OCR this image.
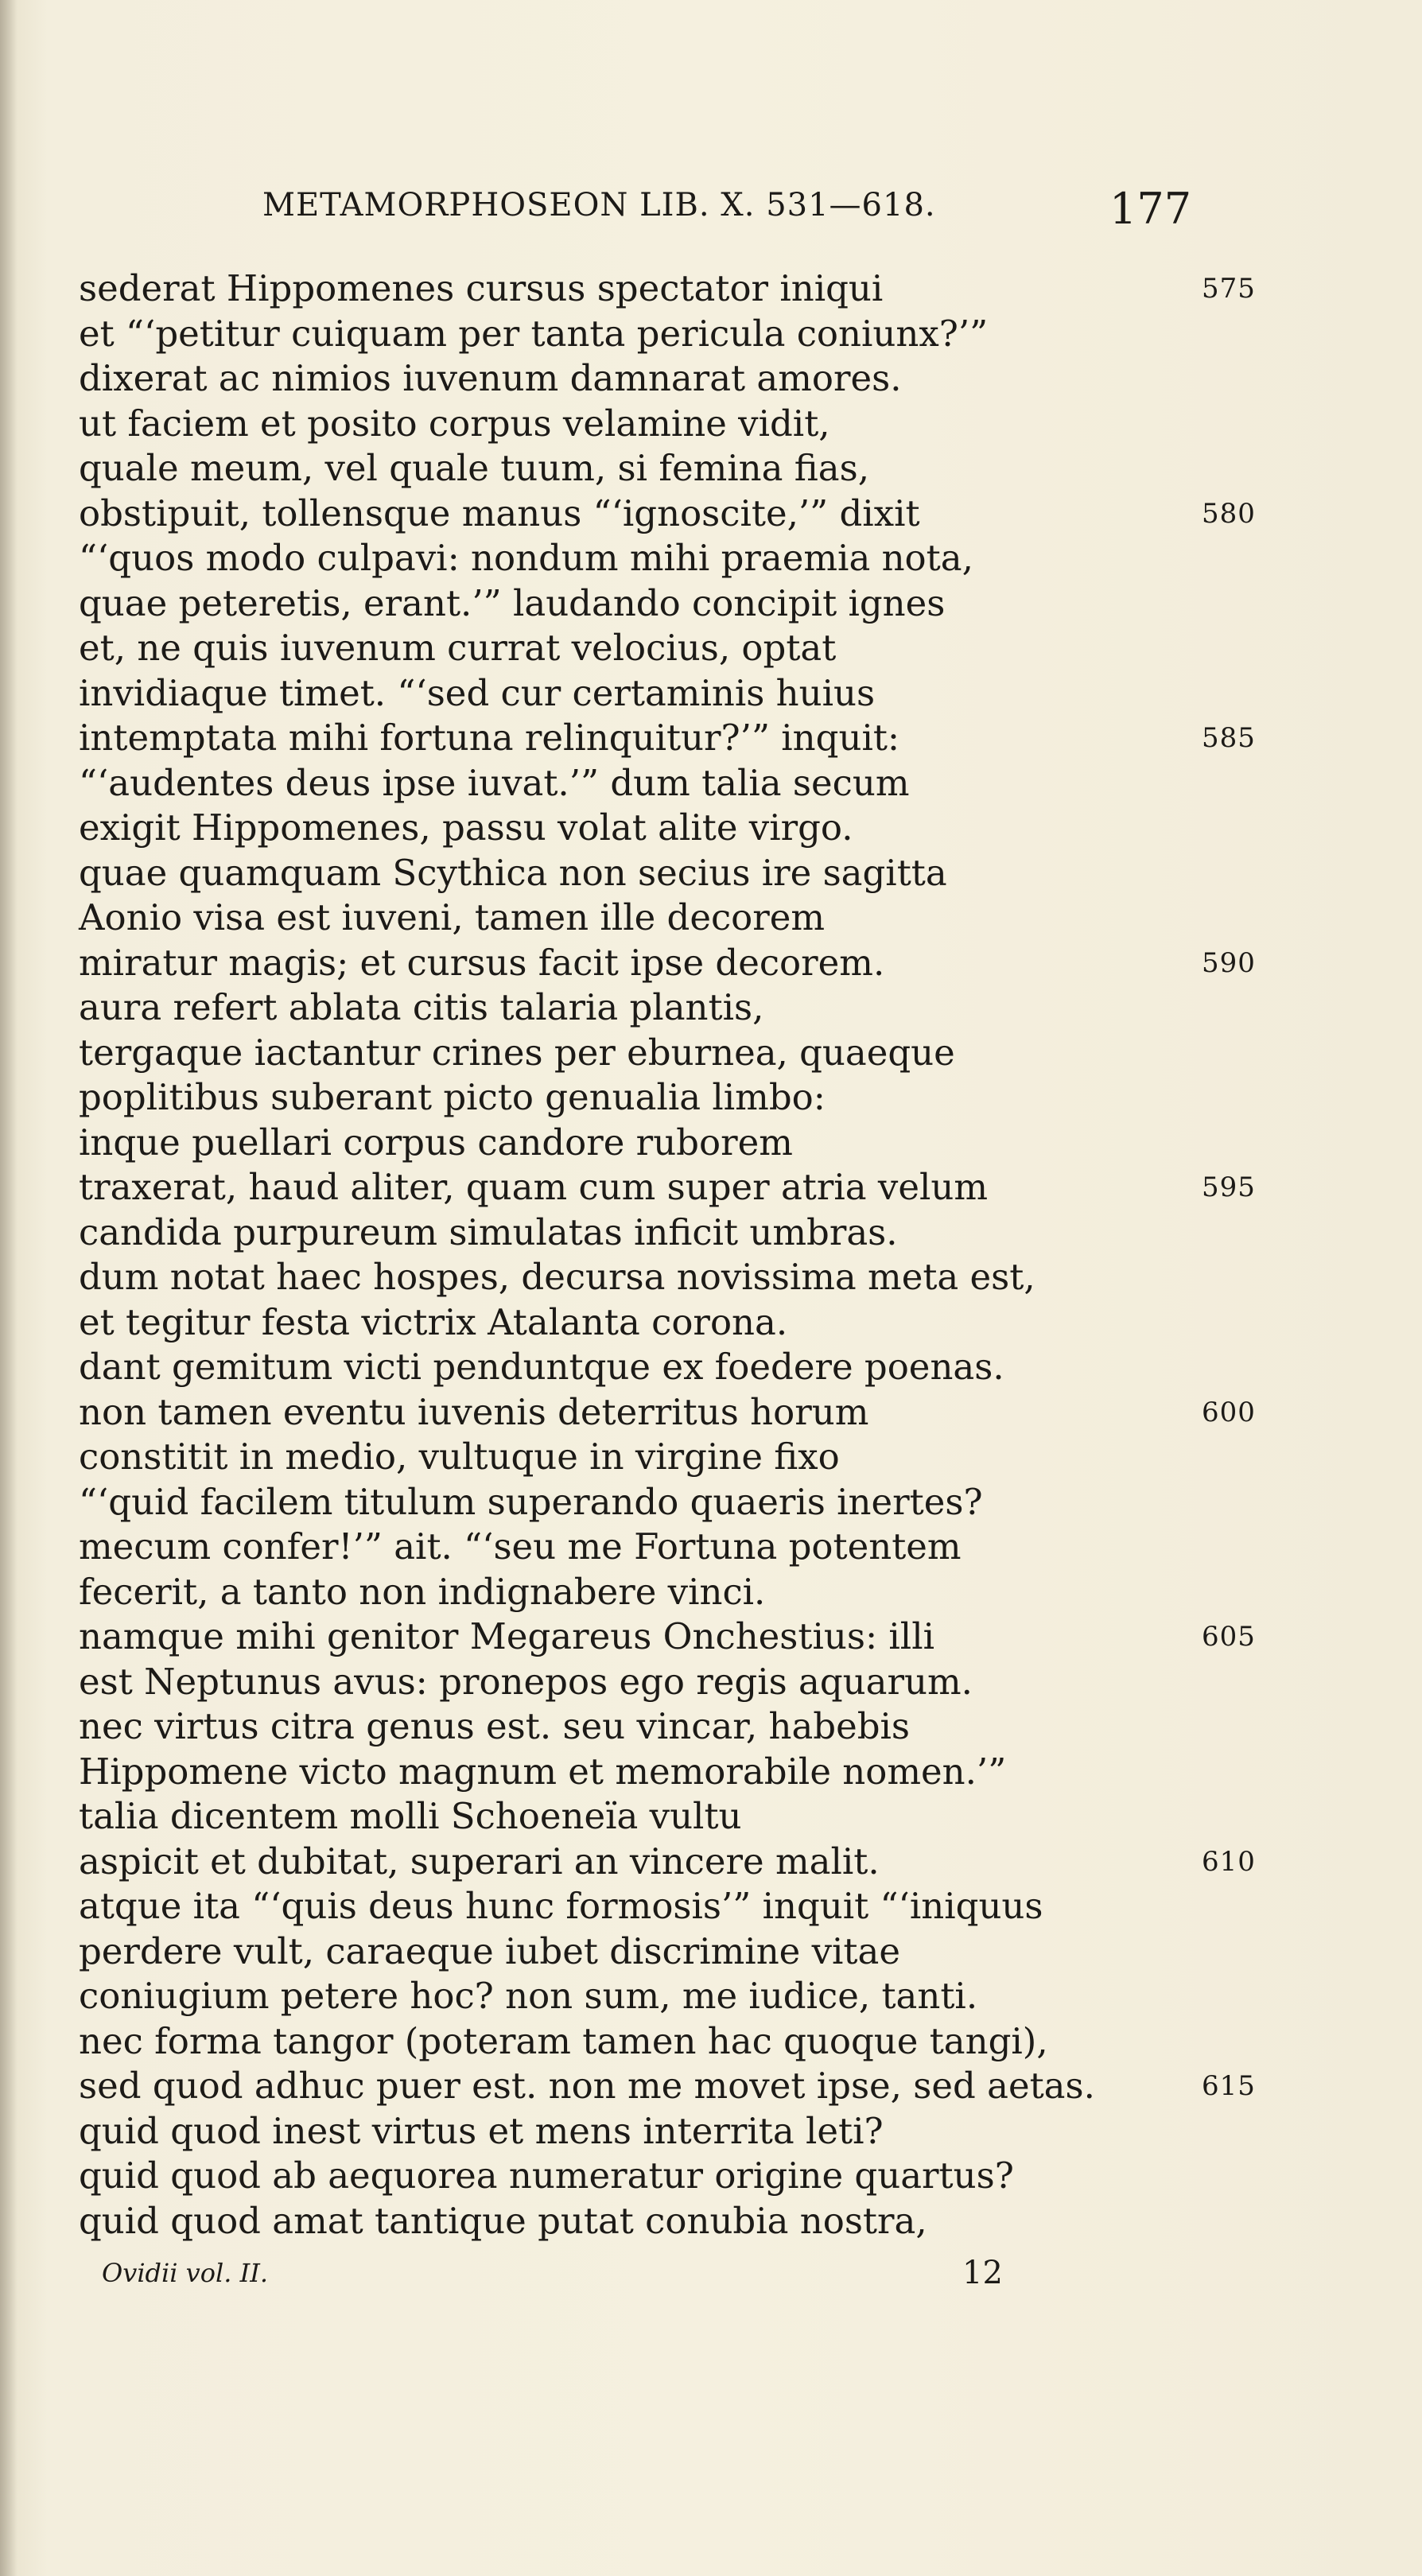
METAMORPHOSEON LIB. X. 531—618.	177
sederat Hippomenes cursus spectator iniqui	575
et “‘petitur cuiquam per tanta pericula coniunx?’”
dixerat ac nimios iuvenum damnarat amores.
ut faciem et posito corpus velamine vidit,
quale meum, vel quale tuum, si femina fias,
obstipuit, tollensque manus “‘ignoscite,’” dixit	580
“‘quos modo culpavi: nondum mihi praemia nota,
quae peteretis, erant.’” laudando concipit ignes
et, ne quis iuvenum currat velocius, optat
invidiaque timet. “‘sed cur certaminis huius
intemptata mihi fortuna relinquitur?’” inquit:	585
“‘audentes deus ipse iuvat.’” dum talia secum
exigit Hippomenes, passu volat alite virgo.
quae quamquam Scythica non secius ire sagitta
Aonio visa est iuveni, tamen ille decorem
miratur magis; et cursus facit ipse decorem.	590
aura refert ablata citis talaria plantis,
tergaque iactantur crines per eburnea, quaeque
poplitibus suberant picto genualia limbo:
inque puellari corpus candore ruborem
traxerat, haud aliter, quam cum super atria velum	595
candida purpureum simulatas inficit umbras.
dum notat haec hospes, decursa novissima meta est,
et tegitur festa victrix Atalanta corona.
dant gemitum victi penduntque ex foedere poenas.
non tamen eventu iuvenis deterritus horum	600
constitit in medio, vultuque in virgine fixo
“‘quid facilem titulum superando quaeris inertes?
mecum confer!’” ait. “‘seu me Fortuna potentem
fecerit, a tanto non indignabere vinci.
namque mihi genitor Megareus Onchestius: illi	605
est Neptunus avus: pronepos ego regis aquarum.
nec virtus citra genus est. seu vincar, habebis
Hippomene victo magnum et memorabile nomen.’”
talia dicentem molli Schoeneïa vultu
aspicit et dubitat, superari an vincere malit.	610
atque ita “‘quis deus hunc formosis’” inquit “‘iniquus
perdere vult, caraeque iubet discrimine vitae
coniugium petere hoc? non sum, me iudice, tanti.
nec forma tangor (poteram tamen hac quoque tangi),
sed quod adhuc puer est. non me movet ipse, sed aetas.	615
quid quod inest virtus et mens interrita leti?
quid quod ab aequorea numeratur origine quartus?
quid quod amat tantique putat conubia nostra,
Ovidii vol. II.	12
